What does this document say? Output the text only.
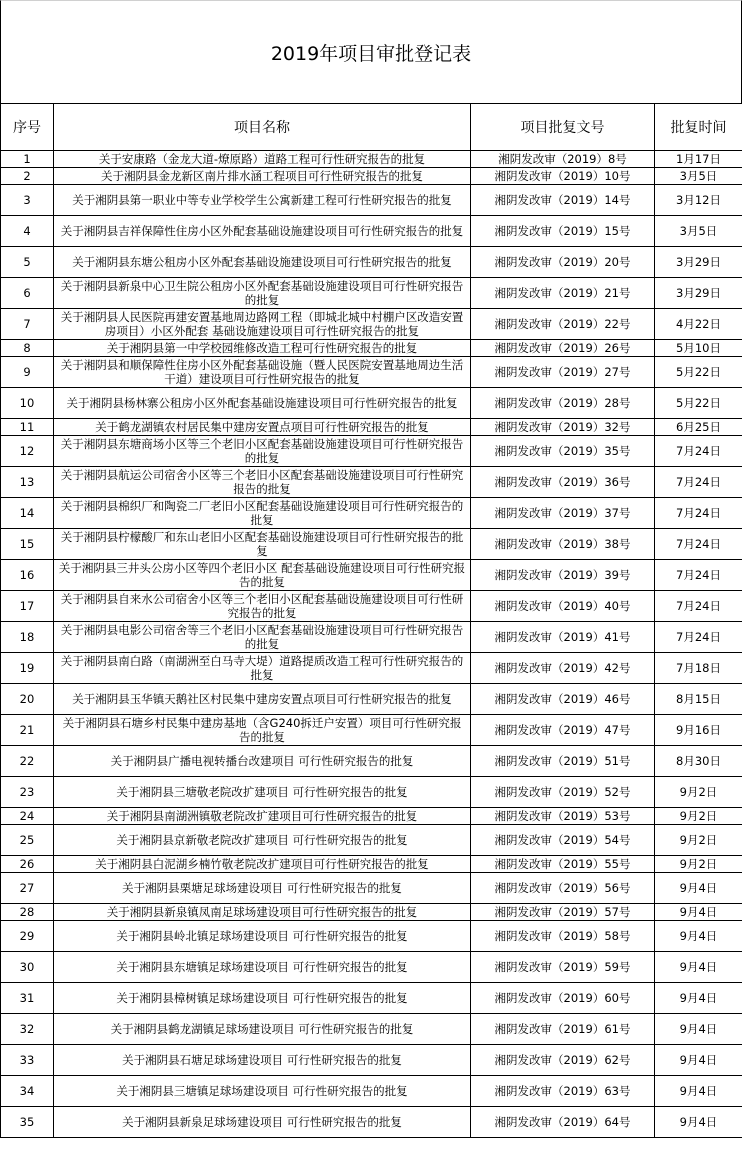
2019年项目审批登记表
序号	项目名称	项目批复文号	批复时间
1	关于安康路（金龙大道-燎原路）道路工程可行性研究报告的批复	湘阴发改审（2019）8号	1月17日
2	关于湘阴县金龙新区南片排水涵工程项目可行性研究报告的批复	湘阴发改审（2019）10号	3月5日
3	关于湘阴县第一职业中等专业学校学生公寓新建工程可行性研究报告的批复	湘阴发改审（2019）14号	3月12日
4	关于湘阴县吉祥保障性住房小区外配套基础设施建设项目可行性研究报告的批复	湘阴发改审（2019）15号	3月5日
5	关于湘阴县东塘公租房小区外配套基础设施建设项目可行性研究报告的批复	湘阴发改审（2019）20号	3月29日
6	关于湘阴县新泉中心卫生院公租房小区外配套基础设施建设项目可行性研究报告的批复	湘阴发改审（2019）21号	3月29日
7	关于湘阴县人民医院再建安置基地周边路网工程（即城北城中村棚户区改造安置房项目）小区外配套 基础设施建设项目可行性研究报告的批复	湘阴发改审（2019）22号	4月22日
8	关于湘阴县第一中学校园维修改造工程可行性研究报告的批复	湘阴发改审（2019）26号	5月10日
9	关于湘阴县和顺保障性住房小区外配套基础设施（暨人民医院安置基地周边生活干道）建设项目可行性研究报告的批复	湘阴发改审（2019）27号	5月22日
10	关于湘阴县杨林寨公租房小区外配套基础设施建设项目可行性研究报告的批复	湘阴发改审（2019）28号	5月22日
11	关于鹤龙湖镇农村居民集中建房安置点项目可行性研究报告的批复	湘阴发改审（2019）32号	6月25日
12	关于湘阴县东塘商场小区等三个老旧小区配套基础设施建设项目可行性研究报告的批复	湘阴发改审（2019）35号	7月24日
13	关于湘阴县航运公司宿舍小区等三个老旧小区配套基础设施建设项目可行性研究报告的批复	湘阴发改审（2019）36号	7月24日
14	关于湘阴县棉织厂和陶瓷二厂老旧小区配套基础设施建设项目可行性研究报告的批复	湘阴发改审（2019）37号	7月24日
15	关于湘阴县柠檬酸厂和东山老旧小区配套基础设施建设项目可行性研究报告的批复	湘阴发改审（2019）38号	7月24日
16	关于湘阴县三井头公房小区等四个老旧小区 配套基础设施建设项目可行性研究报告的批复	湘阴发改审（2019）39号	7月24日
17	关于湘阴县自来水公司宿舍小区等三个老旧小区配套基础设施建设项目可行性研究报告的批复	湘阴发改审（2019）40号	7月24日
18	关于湘阴县电影公司宿舍等三个老旧小区配套基础设施建设项目可行性研究报告的批复	湘阴发改审（2019）41号	7月24日
19	关于湘阴县南白路（南湖洲至白马寺大堤）道路提质改造工程可行性研究报告的批复	湘阴发改审（2019）42号	7月18日
20	关于湘阴县玉华镇天鹅社区村民集中建房安置点项目可行性研究报告的批复	湘阴发改审（2019）46号	8月15日
21	关于湘阴县石塘乡村民集中建房基地（含G240拆迁户安置）项目可行性研究报告的批复	湘阴发改审（2019）47号	9月16日
22	关于湘阴县广播电视转播台改建项目 可行性研究报告的批复	湘阴发改审（2019）51号	8月30日
23	关于湘阴县三塘敬老院改扩建项目 可行性研究报告的批复	湘阴发改审（2019）52号	9月2日
24	关于湘阴县南湖洲镇敬老院改扩建项目可行性研究报告的批复	湘阴发改审（2019）53号	9月2日
25	关于湘阴县京新敬老院改扩建项目 可行性研究报告的批复	湘阴发改审（2019）54号	9月2日
26	关于湘阴县白泥湖乡楠竹敬老院改扩建项目可行性研究报告的批复	湘阴发改审（2019）55号	9月2日
27	关于湘阴县栗塘足球场建设项目 可行性研究报告的批复	湘阴发改审（2019）56号	9月4日
28	关于湘阴县新泉镇凤南足球场建设项目可行性研究报告的批复	湘阴发改审（2019）57号	9月4日
29	关于湘阴县岭北镇足球场建设项目 可行性研究报告的批复	湘阴发改审（2019）58号	9月4日
30	关于湘阴县东塘镇足球场建设项目 可行性研究报告的批复	湘阴发改审（2019）59号	9月4日
31	关于湘阴县樟树镇足球场建设项目 可行性研究报告的批复	湘阴发改审（2019）60号	9月4日
32	关于湘阴县鹤龙湖镇足球场建设项目 可行性研究报告的批复	湘阴发改审（2019）61号	9月4日
33	关于湘阴县石塘足球场建设项目 可行性研究报告的批复	湘阴发改审（2019）62号	9月4日
34	关于湘阴县三塘镇足球场建设项目 可行性研究报告的批复	湘阴发改审（2019）63号	9月4日
35	关于湘阴县新泉足球场建设项目 可行性研究报告的批复	湘阴发改审（2019）64号	9月4日
